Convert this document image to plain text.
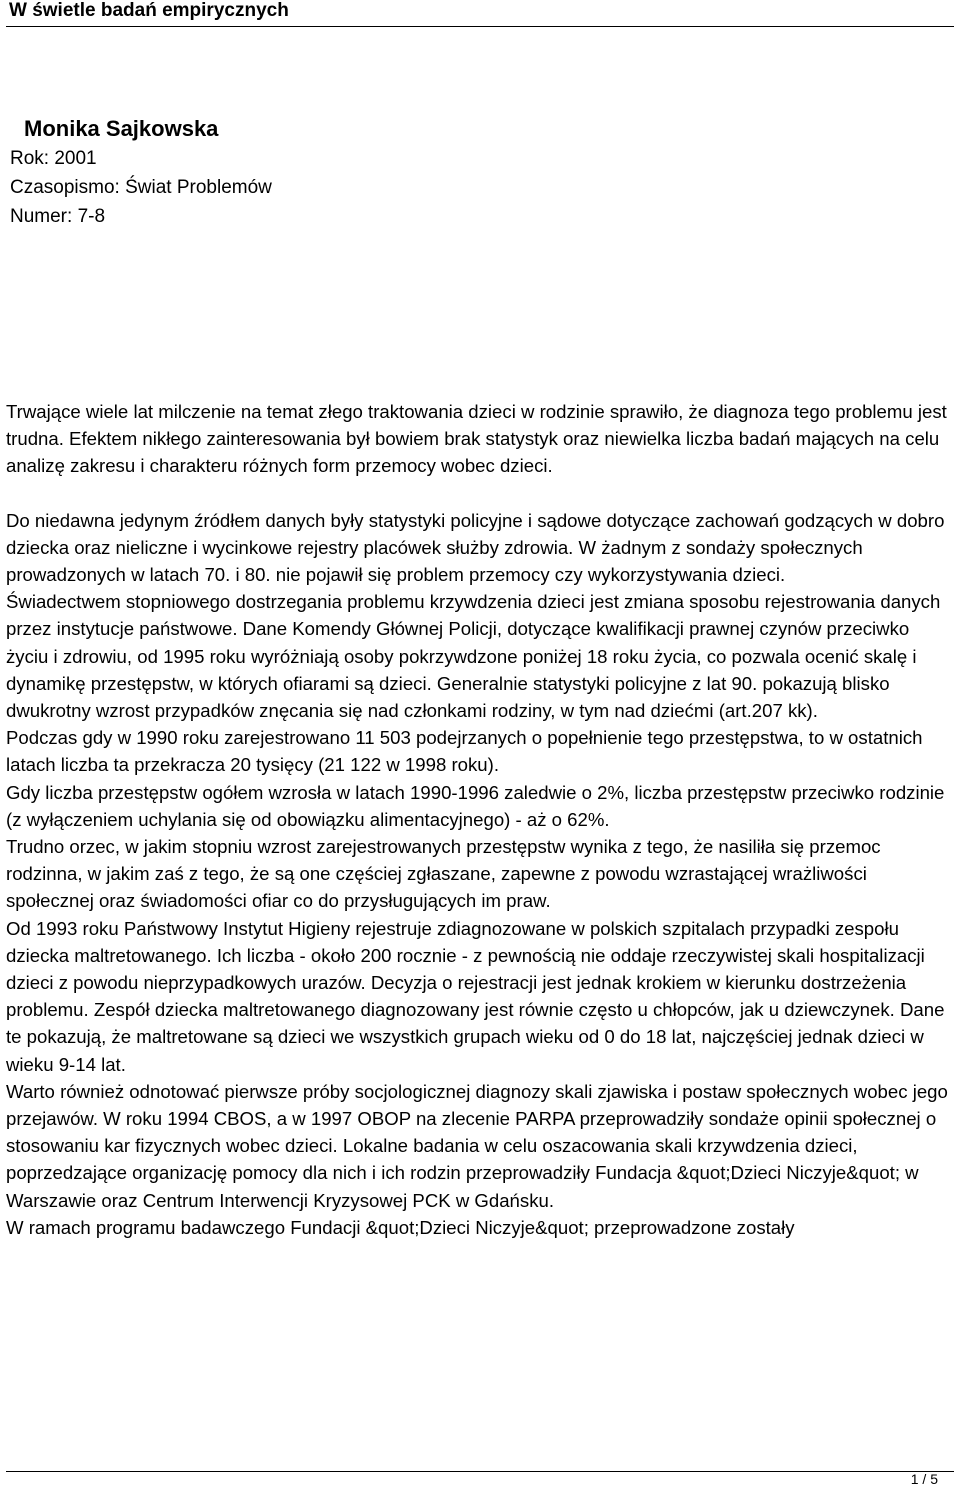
W świetle badań empirycznych
Monika Sajkowska
Rok: 2001
Czasopismo: Świat Problemów
Numer: 7-8

Trwające wiele lat milczenie na temat złego traktowania dzieci w rodzinie sprawiło, że diagnoza tego problemu jest trudna. Efektem nikłego zainteresowania był bowiem brak statystyk oraz niewielka liczba badań mających na celu analizę zakresu i charakteru różnych form przemocy wobec dzieci.

Do niedawna jedynym źródłem danych były statystyki policyjne i sądowe dotyczące zachowań godzących w dobro dziecka oraz nieliczne i wycinkowe rejestry placówek służby zdrowia. W żadnym z sondaży społecznych prowadzonych w latach 70. i 80. nie pojawił się problem przemocy czy wykorzystywania dzieci.

Świadectwem stopniowego dostrzegania problemu krzywdzenia dzieci jest zmiana sposobu rejestrowania danych przez instytucje państwowe. Dane Komendy Głównej Policji, dotyczące kwalifikacji prawnej czynów przeciwko życiu i zdrowiu, od 1995 roku wyróżniają osoby pokrzywdzone poniżej 18 roku życia, co pozwala ocenić skalę i dynamikę przestępstw, w których ofiarami są dzieci. Generalnie statystyki policyjne z lat 90. pokazują blisko dwukrotny wzrost przypadków znęcania się nad członkami rodziny, w tym nad dziećmi (art.207 kk).

Podczas gdy w 1990 roku zarejestrowano 11 503 podejrzanych o popełnienie tego przestępstwa, to w ostatnich latach liczba ta przekracza 20 tysięcy (21 122 w 1998 roku).

Gdy liczba przestępstw ogółem wzrosła w latach 1990-1996 zaledwie o 2%, liczba przestępstw przeciwko rodzinie (z wyłączeniem uchylania się od obowiązku alimentacyjnego) - aż o 62%.

Trudno orzec, w jakim stopniu wzrost zarejestrowanych przestępstw wynika z tego, że nasiliła się przemoc rodzinna, w jakim zaś z tego, że są one częściej zgłaszane, zapewne z powodu wzrastającej wrażliwości społecznej oraz świadomości ofiar co do przysługujących im praw.

Od 1993 roku Państwowy Instytut Higieny rejestruje zdiagnozowane w polskich szpitalach przypadki zespołu dziecka maltretowanego. Ich liczba - około 200 rocznie - z pewnością nie oddaje rzeczywistej skali hospitalizacji dzieci z powodu nieprzypadkowych urazów. Decyzja o rejestracji jest jednak krokiem w kierunku dostrzeżenia problemu. Zespół dziecka maltretowanego diagnozowany jest równie często u chłopców, jak u dziewczynek. Dane te pokazują, że maltretowane są dzieci we wszystkich grupach wieku od 0 do 18 lat, najczęściej jednak dzieci w wieku 9-14 lat.

Warto również odnotować pierwsze próby socjologicznej diagnozy skali zjawiska i postaw społecznych wobec jego przejawów. W roku 1994 CBOS, a w 1997 OBOP na zlecenie PARPA przeprowadziły sondaże opinii społecznej o stosowaniu kar fizycznych wobec dzieci. Lokalne badania w celu oszacowania skali krzywdzenia dzieci, poprzedzające organizację pomocy dla nich i ich rodzin przeprowadziły Fundacja &quot;Dzieci Niczyje&quot; w Warszawie oraz Centrum Interwencji Kryzysowej PCK w Gdańsku.

W ramach programu badawczego Fundacji &quot;Dzieci Niczyje&quot; przeprowadzone zostały

1 / 5
